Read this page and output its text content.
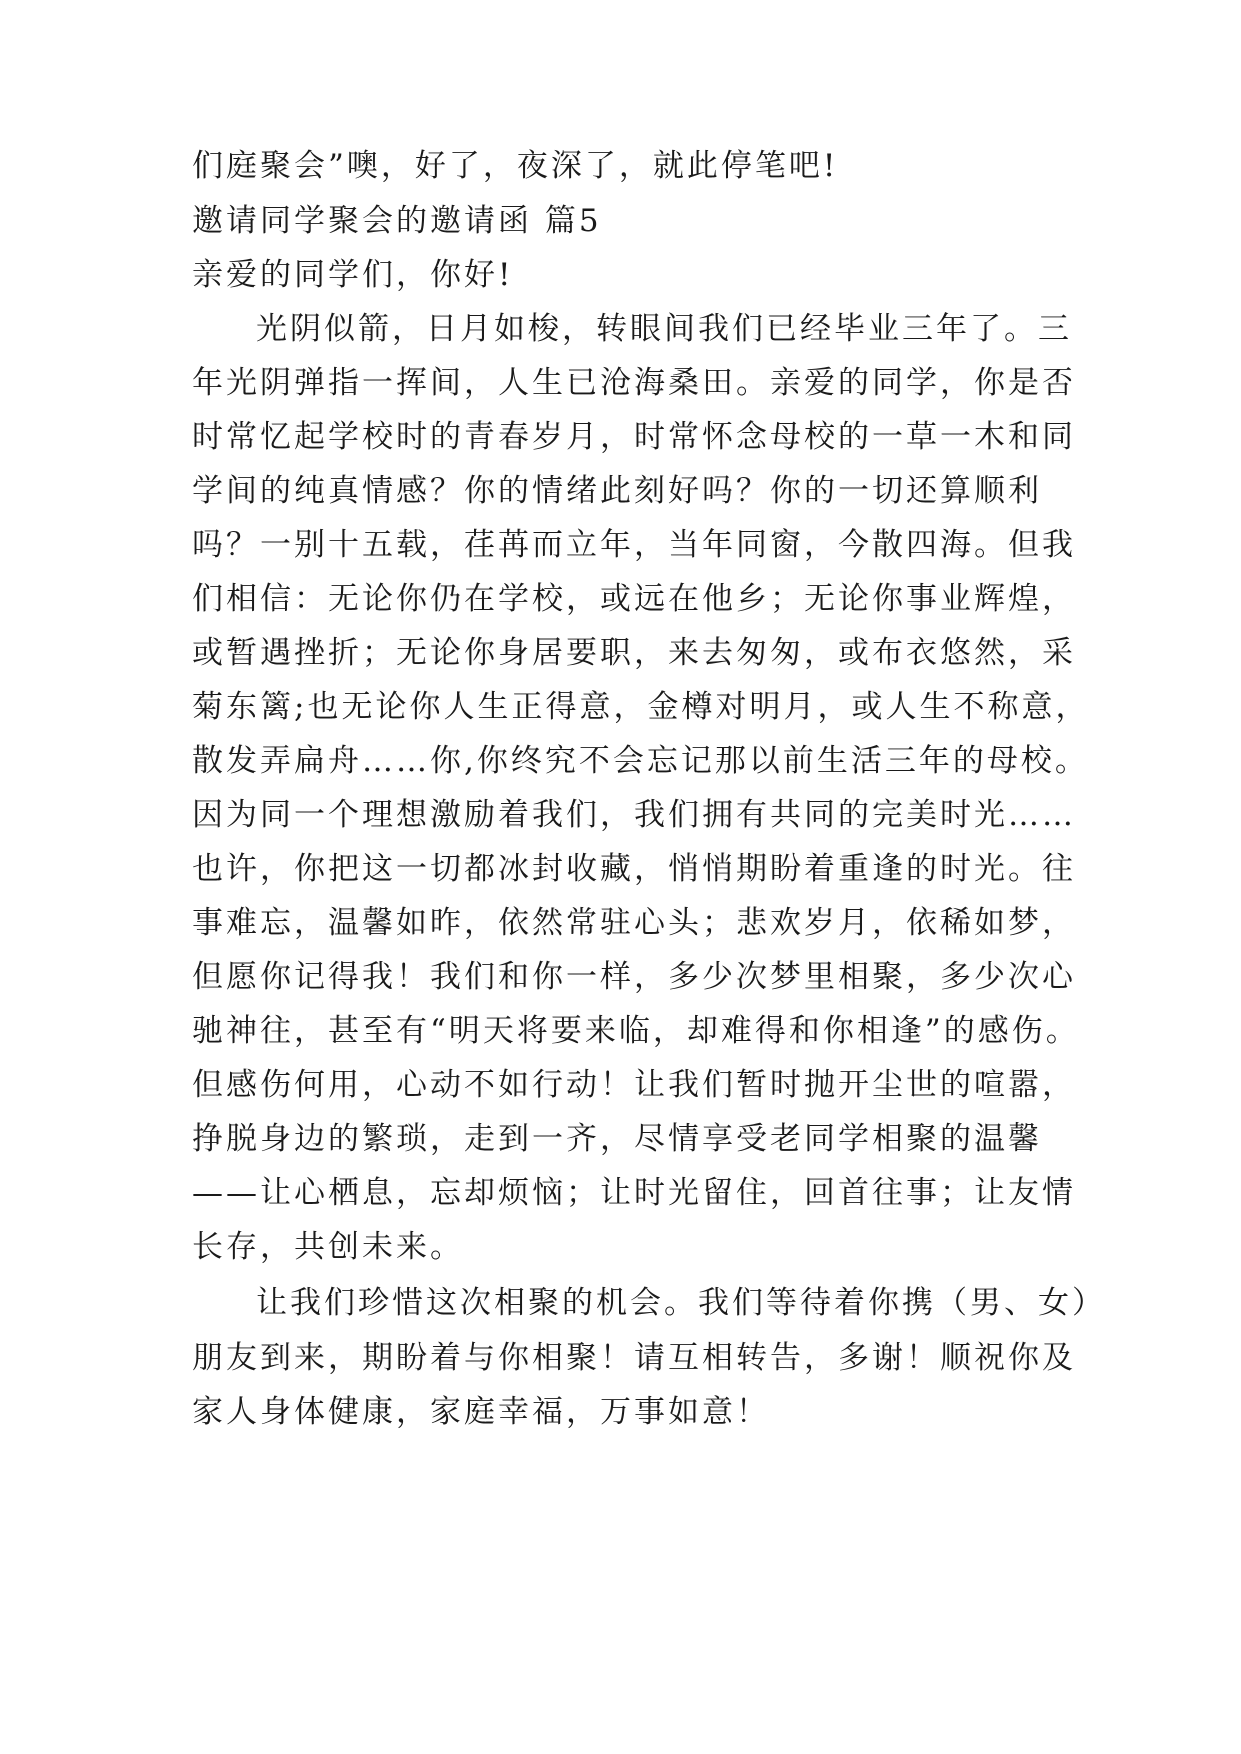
们庭聚会”噢，好了，夜深了，就此停笔吧!
邀请同学聚会的邀请函 篇5
亲爱的同学们，你好!
光阴似箭，日月如梭，转眼间我们已经毕业三年了。三
年光阴弹指一挥间，人生已沧海桑田。亲爱的同学，你是否
时常忆起学校时的青春岁月，时常怀念母校的一草一木和同
学间的纯真情感？你的情绪此刻好吗？你的一切还算顺利
吗？一别十五载，荏苒而立年，当年同窗，今散四海。但我
们相信：无论你仍在学校，或远在他乡；无论你事业辉煌，
或暂遇挫折；无论你身居要职，来去匆匆，或布衣悠然，采
菊东篱;也无论你人生正得意，金樽对明月，或人生不称意，
散发弄扁舟……你,你终究不会忘记那以前生活三年的母校。
因为同一个理想激励着我们，我们拥有共同的完美时光……
也许，你把这一切都冰封收藏，悄悄期盼着重逢的时光。往
事难忘，温馨如昨，依然常驻心头；悲欢岁月，依稀如梦，
但愿你记得我！我们和你一样，多少次梦里相聚，多少次心
驰神往，甚至有“明天将要来临，却难得和你相逢”的感伤。
但感伤何用，心动不如行动！让我们暂时抛开尘世的喧嚣，
挣脱身边的繁琐，走到一齐，尽情享受老同学相聚的温馨
——让心栖息，忘却烦恼；让时光留住，回首往事；让友情
长存，共创未来。
让我们珍惜这次相聚的机会。我们等待着你携（男、女）
朋友到来，期盼着与你相聚！请互相转告，多谢！顺祝你及
家人身体健康，家庭幸福，万事如意！
